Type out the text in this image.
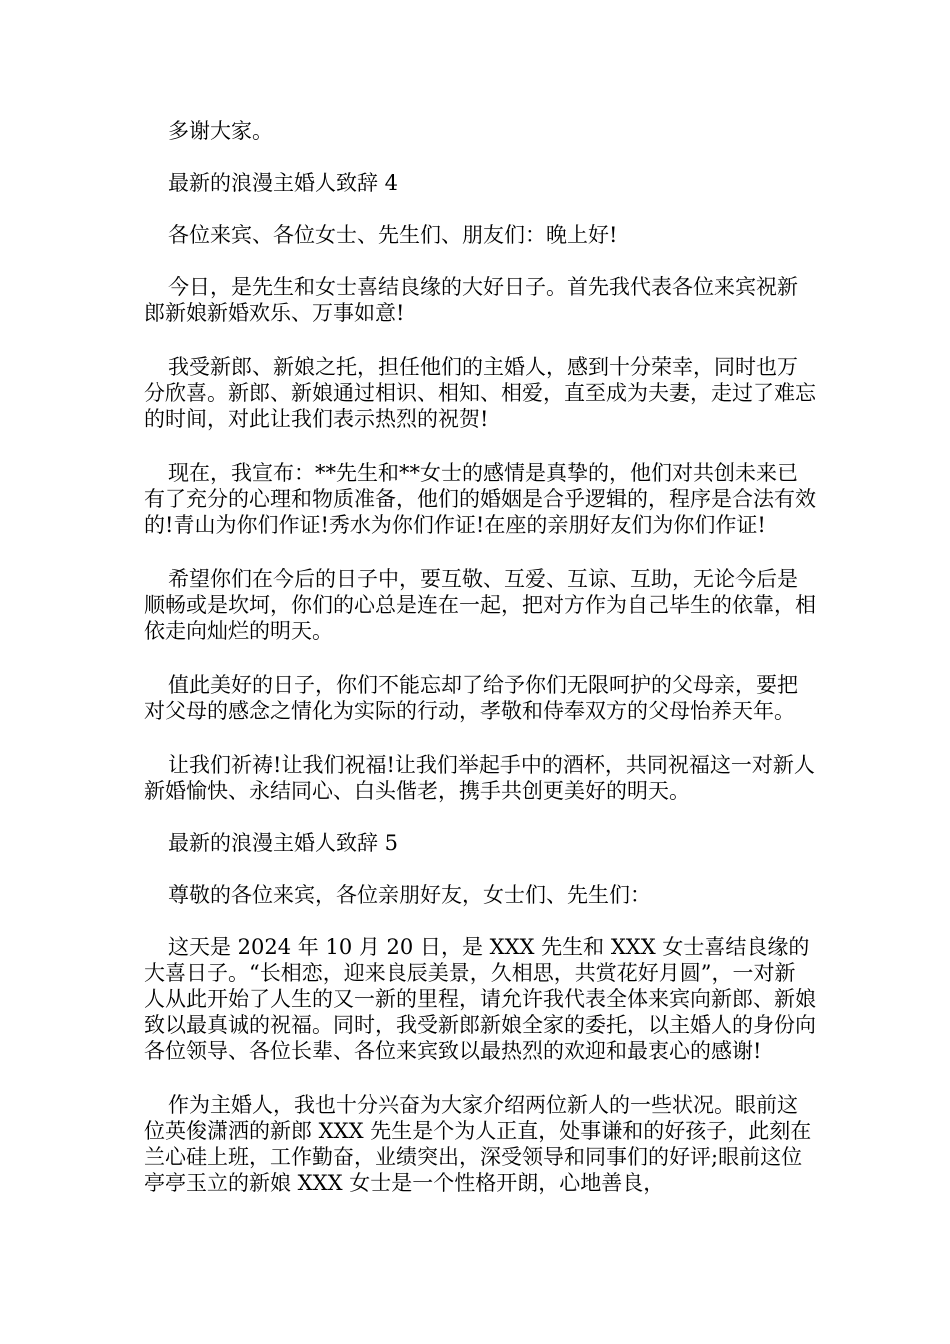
多谢大家。

最新的浪漫主婚人致辞 4

各位来宾、各位女士、先生们、朋友们：晚上好!

今日，是先生和女士喜结良缘的大好日子。首先我代表各位来宾祝新郎新娘新婚欢乐、万事如意!

我受新郎、新娘之托，担任他们的主婚人，感到十分荣幸，同时也万分欣喜。新郎、新娘通过相识、相知、相爱，直至成为夫妻，走过了难忘的时间，对此让我们表示热烈的祝贺!

现在，我宣布：**先生和**女士的感情是真挚的，他们对共创未来已有了充分的心理和物质准备，他们的婚姻是合乎逻辑的，程序是合法有效的!青山为你们作证!秀水为你们作证!在座的亲朋好友们为你们作证!

希望你们在今后的日子中，要互敬、互爱、互谅、互助，无论今后是顺畅或是坎坷，你们的心总是连在一起，把对方作为自己毕生的依靠，相依走向灿烂的明天。

值此美好的日子，你们不能忘却了给予你们无限呵护的父母亲，要把对父母的感念之情化为实际的行动，孝敬和侍奉双方的父母怡养天年。

让我们祈祷!让我们祝福!让我们举起手中的酒杯，共同祝福这一对新人新婚愉快、永结同心、白头偕老，携手共创更美好的明天。

最新的浪漫主婚人致辞 5

尊敬的各位来宾，各位亲朋好友，女士们、先生们：

这天是 2024 年 10 月 20 日，是 XXX 先生和 XXX 女士喜结良缘的大喜日子。“长相恋，迎来良辰美景，久相思，共赏花好月圆”，一对新人从此开始了人生的又一新的里程，请允许我代表全体来宾向新郎、新娘致以最真诚的祝福。同时，我受新郎新娘全家的委托，以主婚人的身份向各位领导、各位长辈、各位来宾致以最热烈的欢迎和最衷心的感谢!

作为主婚人，我也十分兴奋为大家介绍两位新人的一些状况。眼前这位英俊潇洒的新郎 XXX 先生是个为人正直，处事谦和的好孩子，此刻在兰心硅上班，工作勤奋，业绩突出，深受领导和同事们的好评;眼前这位亭亭玉立的新娘 XXX 女士是一个性格开朗，心地善良，
